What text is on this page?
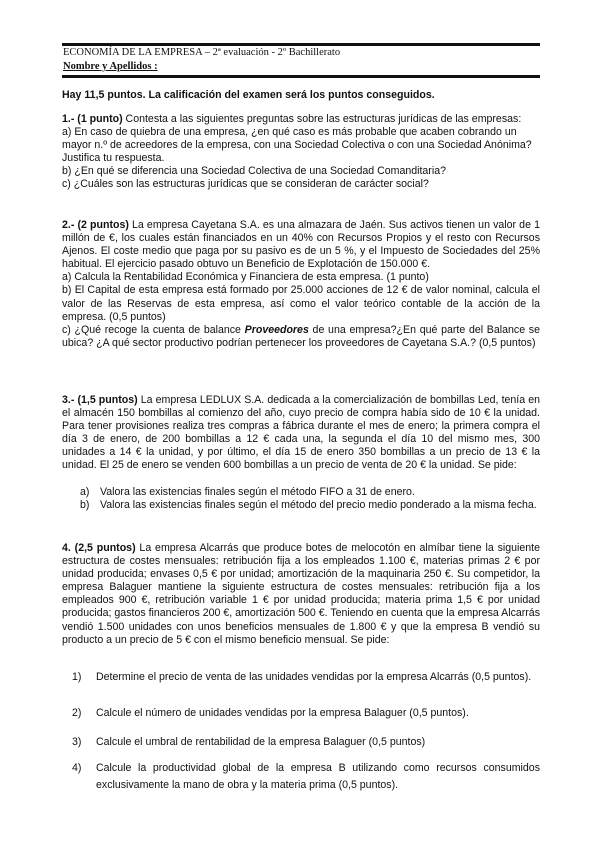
ECONOMÍA DE LA EMPRESA – 2ª evaluación - 2º Bachillerato
Nombre y Apellidos :
Hay 11,5 puntos. La calificación del examen será los puntos conseguidos.

1.- (1 punto) Contesta a las siguientes preguntas sobre las estructuras jurídicas de las empresas:

a) En caso de quiebra de una empresa, ¿en qué caso es más probable que acaben cobrando un mayor n.º de acreedores de la empresa, con una Sociedad Colectiva o con una Sociedad Anónima? Justifica tu respuesta.

b) ¿En qué se diferencia una Sociedad Colectiva de una Sociedad Comanditaria?

c) ¿Cuáles son las estructuras jurídicas que se consideran de carácter social?

2.- (2 puntos) La empresa Cayetana S.A. es una almazara de Jaén. Sus activos tienen un valor de 1 millón de €, los cuales están financiados en un 40% con Recursos Propios y el resto con Recursos Ajenos. El coste medio que paga por su pasivo es de un 5 %, y el Impuesto de Sociedades del 25% habitual. El ejercicio pasado obtuvo un Beneficio de Explotación de 150.000 €.

a) Calcula la Rentabilidad Económica y Financiera de esta empresa. (1 punto)

b) El Capital de esta empresa está formado por 25.000 acciones de 12 € de valor nominal, calcula el valor de las Reservas de esta empresa, así como el valor teórico contable de la acción de la empresa. (0,5 puntos)

c) ¿Qué recoge la cuenta de balance Proveedores de una empresa?¿En qué parte del Balance se ubica? ¿A qué sector productivo podrían pertenecer los proveedores de Cayetana S.A.? (0,5 puntos)

3.- (1,5 puntos) La empresa LEDLUX S.A. dedicada a la comercialización de bombillas Led, tenía en el almacén 150 bombillas al comienzo del año, cuyo precio de compra había sido de 10 € la unidad. Para tener provisiones realiza tres compras a fábrica durante el mes de enero; la primera compra el día 3 de enero, de 200 bombillas a 12 € cada una, la segunda el día 10 del mismo mes, 300 unidades a 14 € la unidad, y por último, el día 15 de enero 350 bombillas a un precio de 13 € la unidad. El 25 de enero se venden 600 bombillas a un precio de venta de 20 € la unidad. Se pide:

a) Valora las existencias finales según el método FIFO a 31 de enero.
b) Valora las existencias finales según el método del precio medio ponderado a la misma fecha.

4. (2,5 puntos) La empresa Alcarrás que produce botes de melocotón en almíbar tiene la siguiente estructura de costes mensuales: retribución fija a los empleados 1.100 €, materias primas 2 € por unidad producida; envases 0,5 € por unidad; amortización de la maquinaria 250 €. Su competidor, la empresa Balaguer mantiene la siguiente estructura de costes mensuales: retribución fija a los empleados 900 €, retribución variable 1 € por unidad producida; materia prima 1,5 € por unidad producida; gastos financieros 200 €, amortización 500 €. Teniendo en cuenta que la empresa Alcarrás vendió 1.500 unidades con unos beneficios mensuales de 1.800 € y que la empresa B vendió su producto a un precio de 5 € con el mismo beneficio mensual. Se pide:

1)	Determine el precio de venta de las unidades vendidas por la empresa Alcarrás (0,5 puntos).
2)	Calcule el número de unidades vendidas por la empresa Balaguer (0,5 puntos).
3)	Calcule el umbral de rentabilidad de la empresa Balaguer (0,5 puntos)
4)	Calcule la productividad global de la empresa B utilizando como recursos consumidos exclusivamente la mano de obra y la materia prima (0,5 puntos).
